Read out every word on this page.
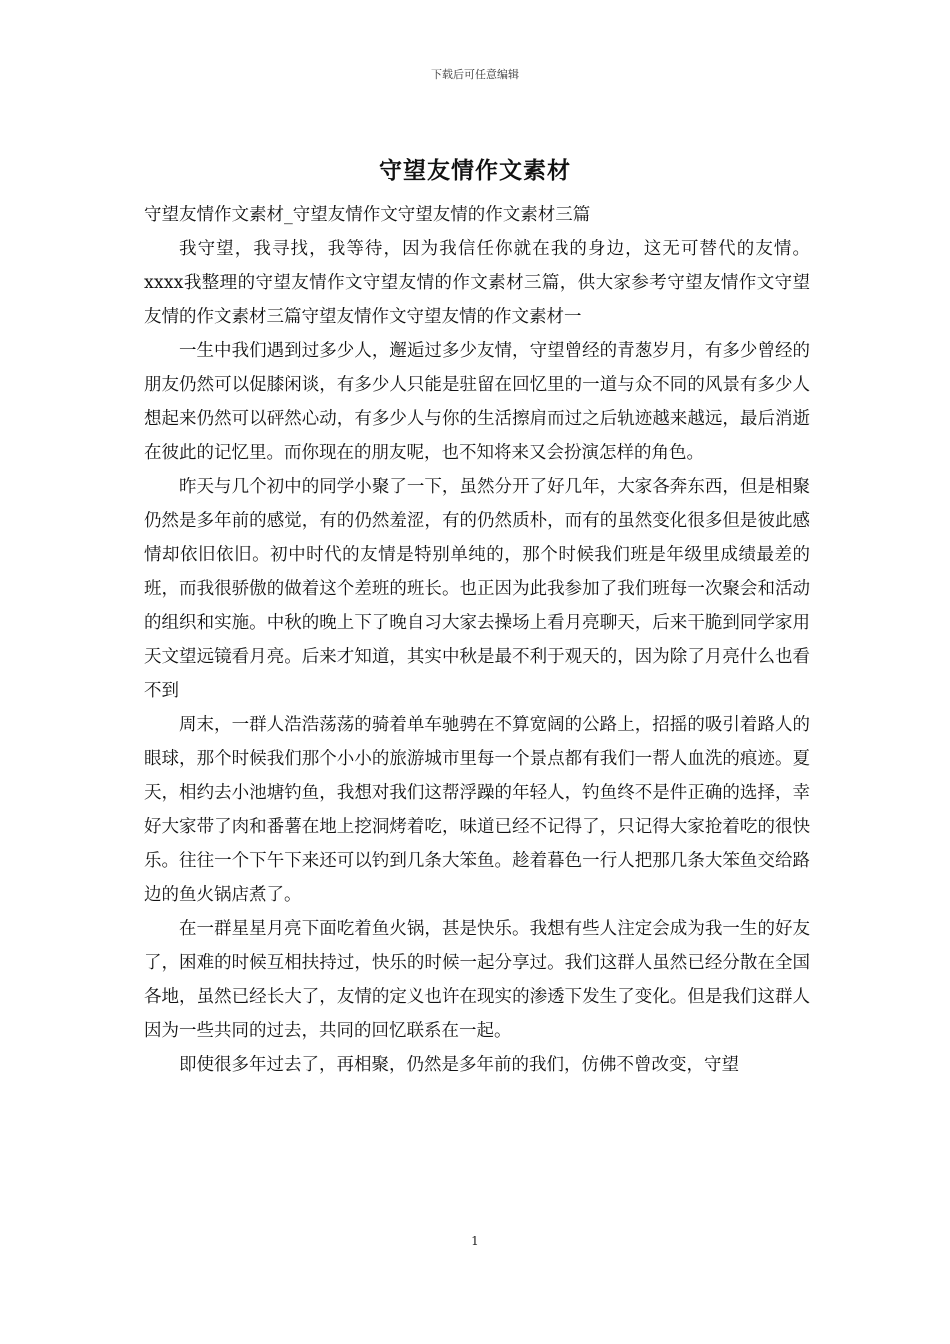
下载后可任意编辑
守望友情作文素材

守望友情作文素材_守望友情作文守望友情的作文素材三篇

我守望，我寻找，我等待，因为我信任你就在我的身边，这无可替代的友情。xxxx我整理的守望友情作文守望友情的作文素材三篇，供大家参考守望友情作文守望友情的作文素材三篇守望友情作文守望友情的作文素材一

一生中我们遇到过多少人，邂逅过多少友情，守望曾经的青葱岁月，有多少曾经的朋友仍然可以促膝闲谈，有多少人只能是驻留在回忆里的一道与众不同的风景有多少人想起来仍然可以砰然心动，有多少人与你的生活擦肩而过之后轨迹越来越远，最后消逝在彼此的记忆里。而你现在的朋友呢，也不知将来又会扮演怎样的角色。

昨天与几个初中的同学小聚了一下，虽然分开了好几年，大家各奔东西，但是相聚仍然是多年前的感觉，有的仍然羞涩，有的仍然质朴，而有的虽然变化很多但是彼此感情却依旧依旧。初中时代的友情是特别单纯的，那个时候我们班是年级里成绩最差的班，而我很骄傲的做着这个差班的班长。也正因为此我参加了我们班每一次聚会和活动的组织和实施。中秋的晚上下了晚自习大家去操场上看月亮聊天，后来干脆到同学家用天文望远镜看月亮。后来才知道，其实中秋是最不利于观天的，因为除了月亮什么也看不到

周末，一群人浩浩荡荡的骑着单车驰骋在不算宽阔的公路上，招摇的吸引着路人的眼球，那个时候我们那个小小的旅游城市里每一个景点都有我们一帮人血洗的痕迹。夏天，相约去小池塘钓鱼，我想对我们这帮浮躁的年轻人，钓鱼终不是件正确的选择，幸好大家带了肉和番薯在地上挖洞烤着吃，味道已经不记得了，只记得大家抢着吃的很快乐。往往一个下午下来还可以钓到几条大笨鱼。趁着暮色一行人把那几条大笨鱼交给路边的鱼火锅店煮了。

在一群星星月亮下面吃着鱼火锅，甚是快乐。我想有些人注定会成为我一生的好友了，困难的时候互相扶持过，快乐的时候一起分享过。我们这群人虽然已经分散在全国各地，虽然已经长大了，友情的定义也许在现实的渗透下发生了变化。但是我们这群人因为一些共同的过去，共同的回忆联系在一起。

即使很多年过去了，再相聚，仍然是多年前的我们，仿佛不曾改变，守望

1
